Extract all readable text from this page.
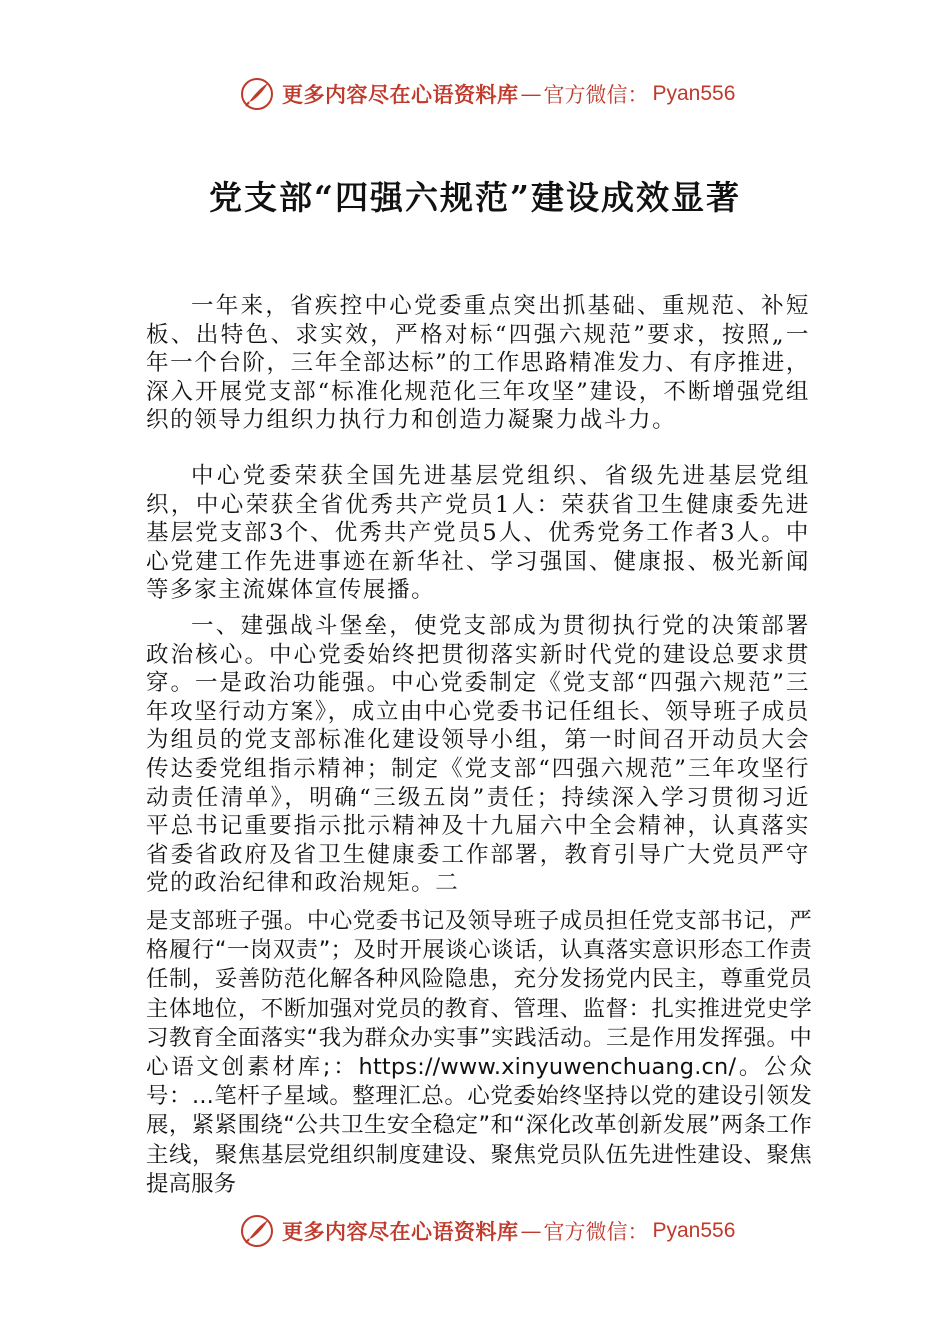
更多内容尽在心语资料库 — 官方微信： Pyan556
党支部“四强六规范”建设成效显著

一年来，省疾控中心党委重点突出抓基础、重规范、补短板、出特色、求实效，严格对标“四强六规范”要求，按照„一年一个台阶，三年全部达标”的工作思路精准发力、有序推进，深入开展党支部“标准化规范化三年攻坚”建设，不断增强党组织的领导力组织力执行力和创造力凝聚力战斗力。

中心党委荣获全国先进基层党组织、省级先进基层党组织，中心荣获全省优秀共产党员1人：荣获省卫生健康委先进基层党支部3个、优秀共产党员5人、优秀党务工作者3人。中心党建工作先进事迹在新华社、学习强国、健康报、极光新闻等多家主流媒体宣传展播。

一、建强战斗堡垒，使党支部成为贯彻执行党的决策部署政治核心。中心党委始终把贯彻落实新时代党的建设总要求贯穿。一是政治功能强。中心党委制定《党支部“四强六规范”三年攻坚行动方案》，成立由中心党委书记任组长、领导班子成员为组员的党支部标准化建设领导小组，第一时间召开动员大会传达委党组指示精神；制定《党支部“四强六规范”三年攻坚行动责任清单》，明确“三级五岗”责任；持续深入学习贯彻习近平总书记重要指示批示精神及十九届六中全会精神，认真落实省委省政府及省卫生健康委工作部署，教育引导广大党员严守党的政治纪律和政治规矩。二

是支部班子强。中心党委书记及领导班子成员担任党支部书记，严格履行“一岗双责”；及时开展谈心谈话，认真落实意识形态工作责任制，妥善防范化解各种风险隐患，充分发扬党内民主，尊重党员主体地位，不断加强对党员的教育、管理、监督：扎实推进党史学习教育全面落实“我为群众办实事”实践活动。三是作用发挥强。中心语文创素材库;：https://www.xinyuwenchuang.cn/。公众号：...笔杆子星域。整理汇总。心党委始终坚持以党的建设引领发展，紧紧围绕“公共卫生安全稳定”和“深化改革创新发展”两条工作主线，聚焦基层党组织制度建设、聚焦党员队伍先进性建设、聚焦提高服务

更多内容尽在心语资料库 — 官方微信： Pyan556
